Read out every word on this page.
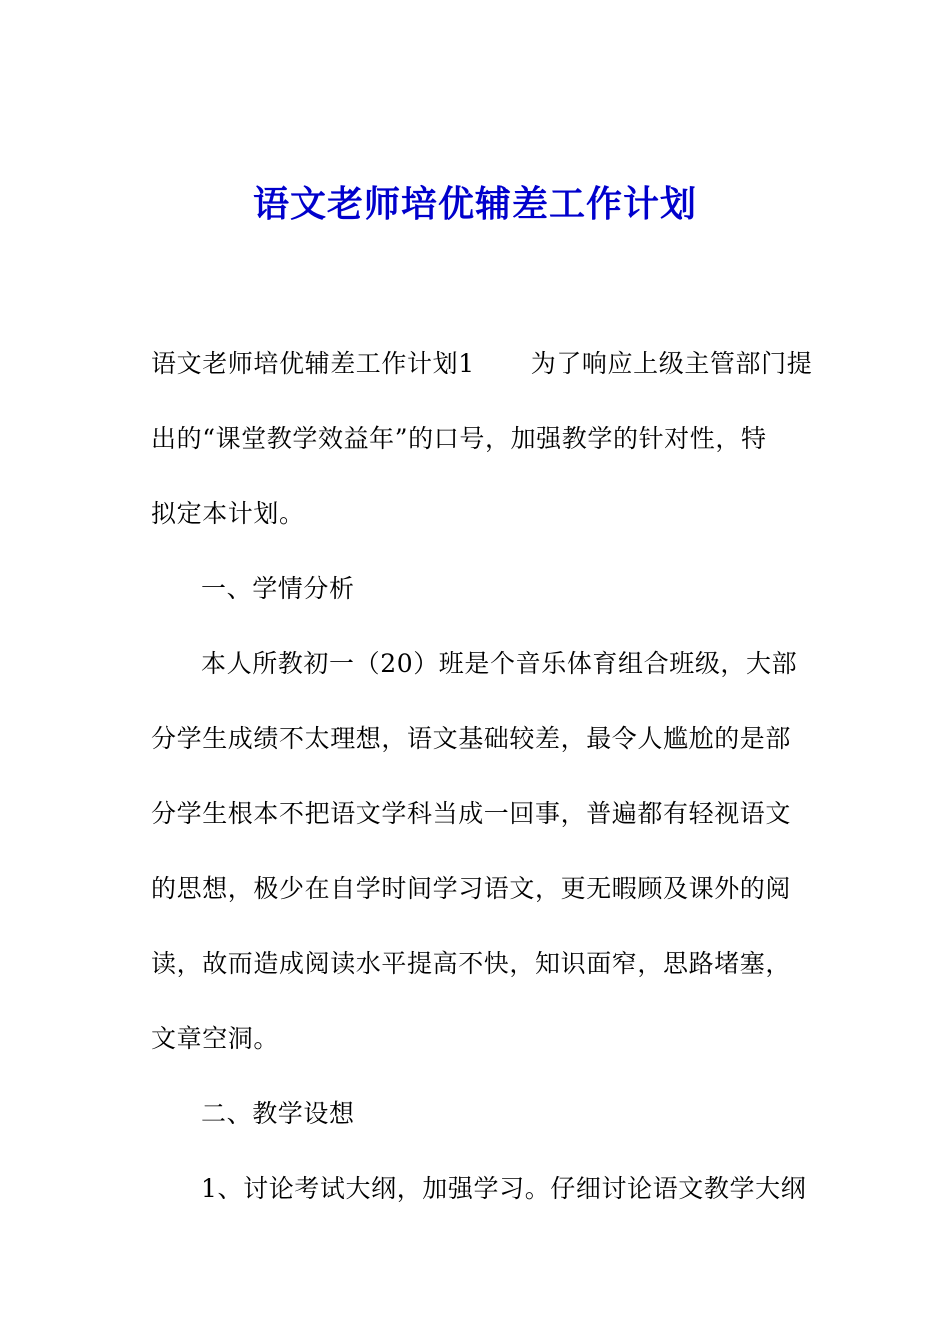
语文老师培优辅差工作计划

语文老师培优辅差工作计划1 为了响应上级主管部门提

出的“课堂教学效益年”的口号，加强教学的针对性，特

拟定本计划。

一、学情分析

本人所教初一（20）班是个音乐体育组合班级，大部

分学生成绩不太理想，语文基础较差，最令人尴尬的是部

分学生根本不把语文学科当成一回事，普遍都有轻视语文

的思想，极少在自学时间学习语文，更无暇顾及课外的阅

读，故而造成阅读水平提高不快，知识面窄，思路堵塞，

文章空洞。

二、教学设想

1、讨论考试大纲，加强学习。仔细讨论语文教学大纲
